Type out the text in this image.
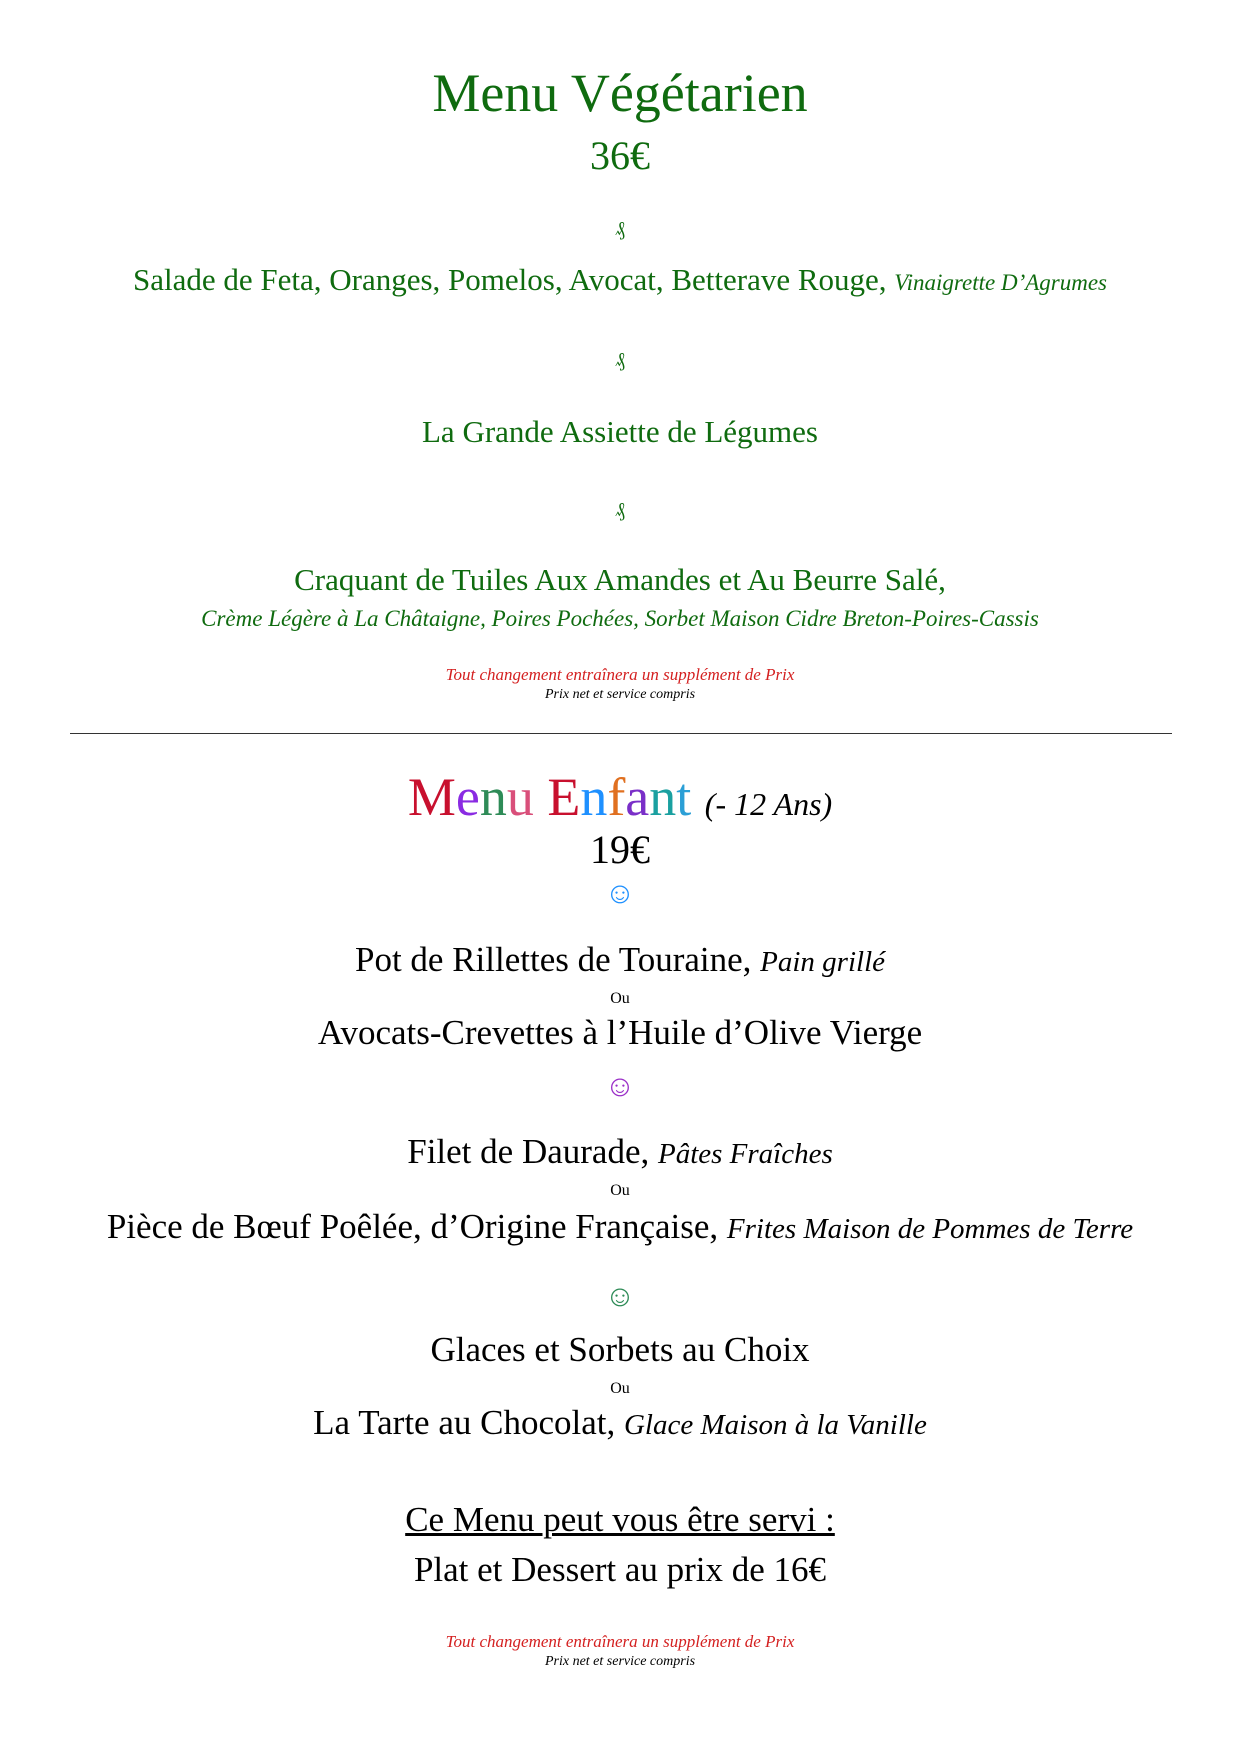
Menu Végétarien
36€
₰
Salade de Feta, Oranges, Pomelos, Avocat, Betterave Rouge, Vinaigrette D’Agrumes
₰
La Grande Assiette de Légumes
₰
Craquant de Tuiles Aux Amandes et Au Beurre Salé,
Crème Légère à La Châtaigne, Poires Pochées, Sorbet Maison Cidre Breton-Poires-Cassis
Tout changement entraînera un supplément de Prix
Prix net et service compris
Menu Enfant (- 12 Ans)
19€
☺
Pot de Rillettes de Touraine, Pain grillé
Ou
Avocats-Crevettes à l’Huile d’Olive Vierge
☺
Filet de Daurade, Pâtes Fraîches
Ou
Pièce de Bœuf Poêlée, d’Origine Française, Frites Maison de Pommes de Terre
☺
Glaces et Sorbets au Choix
Ou
La Tarte au Chocolat, Glace Maison à la Vanille
Ce Menu peut vous être servi :
Plat et Dessert au prix de 16€
Tout changement entraînera un supplément de Prix
Prix net et service compris
